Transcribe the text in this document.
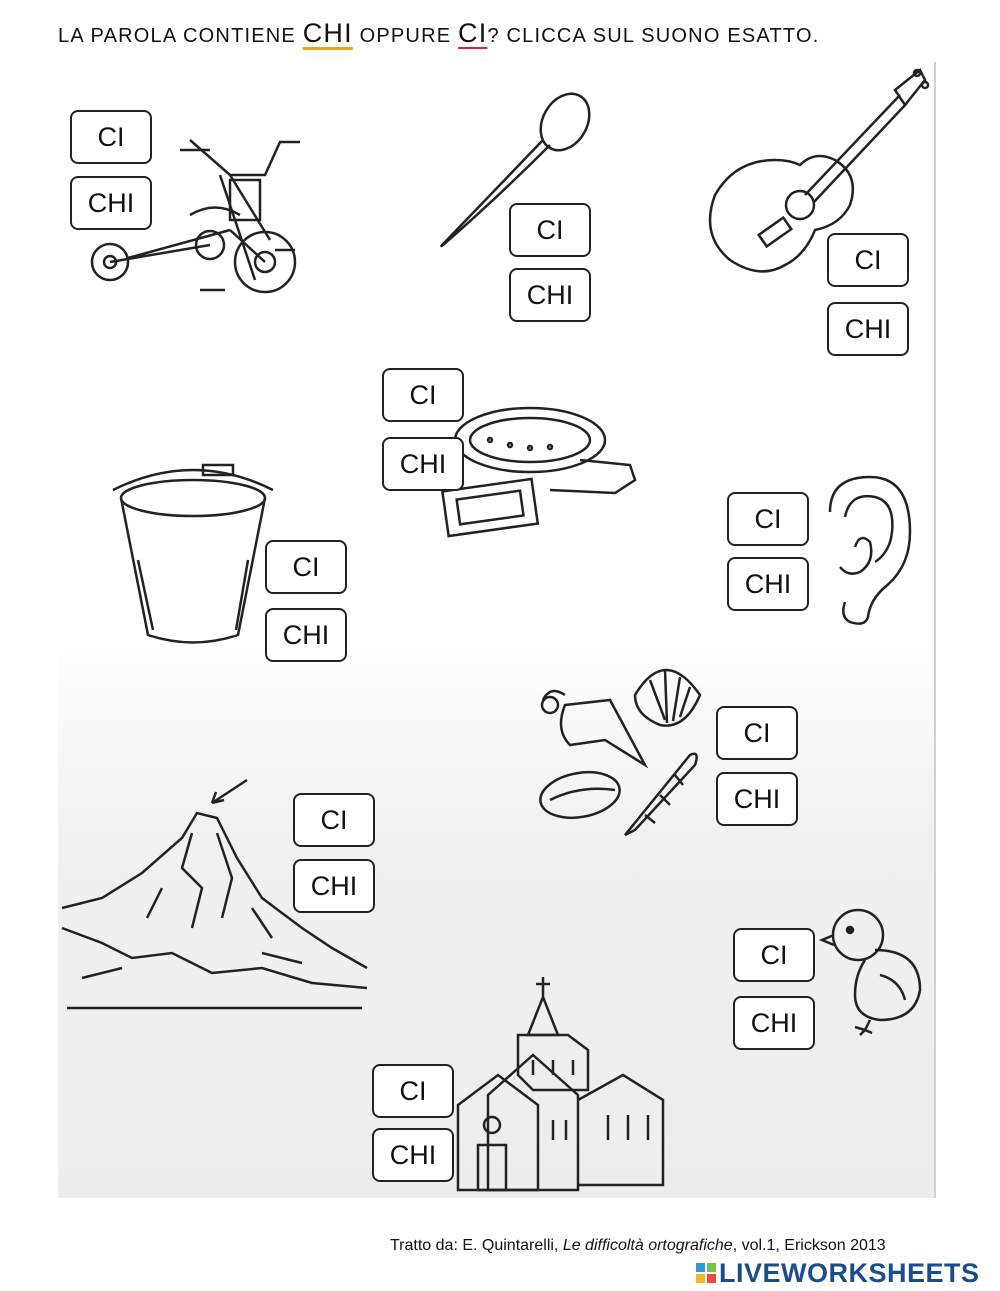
LA PAROLA CONTIENE CHI OPPURE CI? CLICCA SUL SUONO ESATTO.
CI
CHI
CI
CHI
CI
CHI
CI
CHI
CI
CHI
CI
CHI
CI
CHI
CI
CHI
CI
CHI
CI
CHI
Tratto da: E. Quintarelli, Le difficoltà ortografiche, vol.1, Erickson 2013
LIVEWORKSHEETS
